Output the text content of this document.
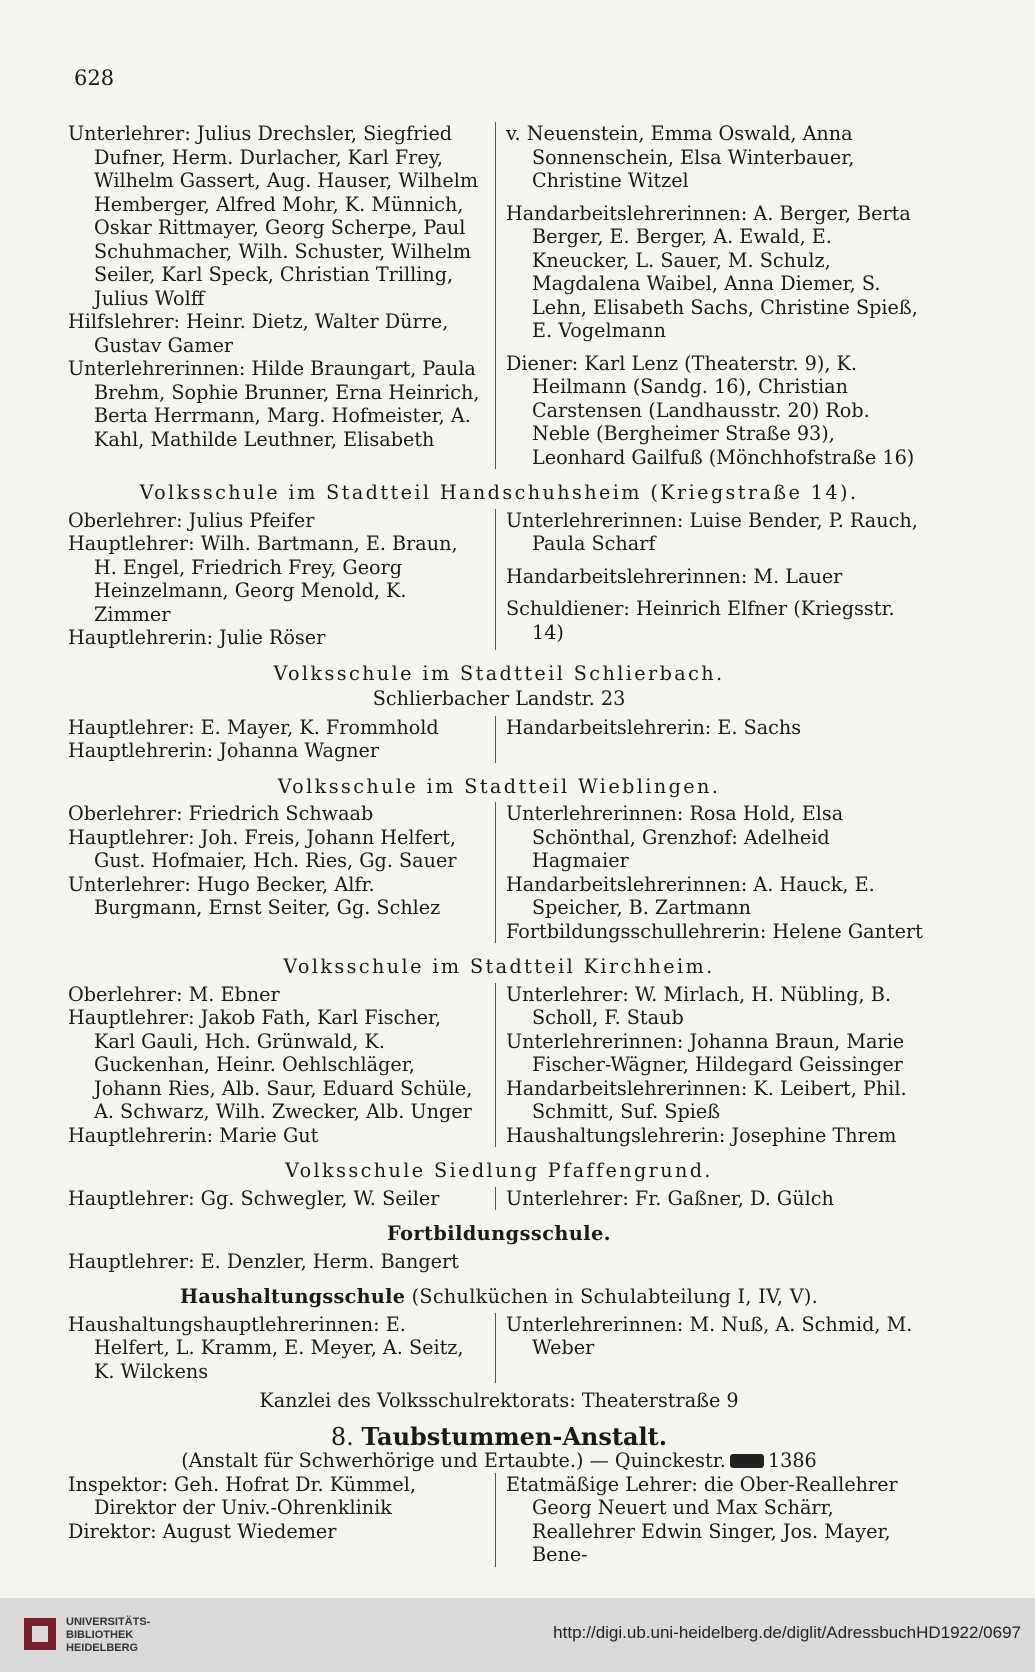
628

Unterlehrer: Julius Drechsler, Siegfried Dufner, Herm. Durlacher, Karl Frey, Wilhelm Gassert, Aug. Hauser, Wilhelm Hemberger, Alfred Mohr, K. Münnich, Oskar Rittmayer, Georg Scherpe, Paul Schuhmacher, Wilh. Schuster, Wilhelm Seiler, Karl Speck, Christian Trilling, Julius Wolff

Hilfslehrer: Heinr. Dietz, Walter Dürre, Gustav Gamer

Unterlehrerinnen: Hilde Braungart, Paula Brehm, Sophie Brunner, Erna Heinrich, Berta Herrmann, Marg. Hofmeister, A. Kahl, Mathilde Leuthner, Elisabeth

v. Neuenstein, Emma Oswald, Anna Sonnenschein, Elsa Winterbauer, Christine Witzel

Handarbeitslehrerinnen: A. Berger, Berta Berger, E. Berger, A. Ewald, E. Kneucker, L. Sauer, M. Schulz, Magdalena Waibel, Anna Diemer, S. Lehn, Elisabeth Sachs, Christine Spieß, E. Vogelmann

Diener: Karl Lenz (Theaterstr. 9), K. Heilmann (Sandg. 16), Christian Carstensen (Landhausstr. 20) Rob. Neble (Bergheimer Straße 93), Leonhard Gailfuß (Mönchhofstraße 16)

Volksschule im Stadtteil Handschuhsheim (Kriegstraße 14).

Oberlehrer: Julius Pfeifer

Hauptlehrer: Wilh. Bartmann, E. Braun, H. Engel, Friedrich Frey, Georg Heinzelmann, Georg Menold, K. Zimmer

Hauptlehrerin: Julie Röser

Unterlehrerinnen: Luise Bender, P. Rauch, Paula Scharf

Handarbeitslehrerinnen: M. Lauer

Schuldiener: Heinrich Elfner (Kriegsstr. 14)

Volksschule im Stadtteil Schlierbach.
Schlierbacher Landstr. 23

Hauptlehrer: E. Mayer, K. Frommhold

Hauptlehrerin: Johanna Wagner

Handarbeitslehrerin: E. Sachs

Volksschule im Stadtteil Wieblingen.

Oberlehrer: Friedrich Schwaab

Hauptlehrer: Joh. Freis, Johann Helfert, Gust. Hofmaier, Hch. Ries, Gg. Sauer

Unterlehrer: Hugo Becker, Alfr. Burgmann, Ernst Seiter, Gg. Schlez

Unterlehrerinnen: Rosa Hold, Elsa Schönthal, Grenzhof: Adelheid Hagmaier

Handarbeitslehrerinnen: A. Hauck, E. Speicher, B. Zartmann

Fortbildungsschullehrerin: Helene Gantert

Volksschule im Stadtteil Kirchheim.

Oberlehrer: M. Ebner

Hauptlehrer: Jakob Fath, Karl Fischer, Karl Gauli, Hch. Grünwald, K. Guckenhan, Heinr. Oehlschläger, Johann Ries, Alb. Saur, Eduard Schüle, A. Schwarz, Wilh. Zwecker, Alb. Unger

Hauptlehrerin: Marie Gut

Unterlehrer: W. Mirlach, H. Nübling, B. Scholl, F. Staub

Unterlehrerinnen: Johanna Braun, Marie Fischer-Wägner, Hildegard Geissinger

Handarbeitslehrerinnen: K. Leibert, Phil. Schmitt, Suf. Spieß

Haushaltungslehrerin: Josephine Threm

Volksschule Siedlung Pfaffengrund.

Hauptlehrer: Gg. Schwegler, W. Seiler	Unterlehrer: Fr. Gaßner, D. Gülch

Fortbildungsschule.

Hauptlehrer: E. Denzler, Herm. Bangert

Haushaltungsschule (Schulküchen in Schulabteilung I, IV, V).

Haushaltungshauptlehrerinnen: E. Helfert, L. Kramm, E. Meyer, A. Seitz, K. Wilckens

Unterlehrerinnen: M. Nuß, A. Schmid, M. Weber

Kanzlei des Volksschulrektorats: Theaterstraße 9

8. Taubstummen-Anstalt.

(Anstalt für Schwerhörige und Ertaubte.) — Quinckestr. 1386

Inspektor: Geh. Hofrat Dr. Kümmel, Direktor der Univ.-Ohrenklinik

Direktor: August Wiedemer

Etatmäßige Lehrer: die Ober-Reallehrer Georg Neuert und Max Schärr, Reallehrer Edwin Singer, Jos. Mayer, Bene-

UNIVERSITÄTS-
BIBLIOTHEK
HEIDELBERG
http://digi.ub.uni-heidelberg.de/diglit/AdressbuchHD1922/0697
